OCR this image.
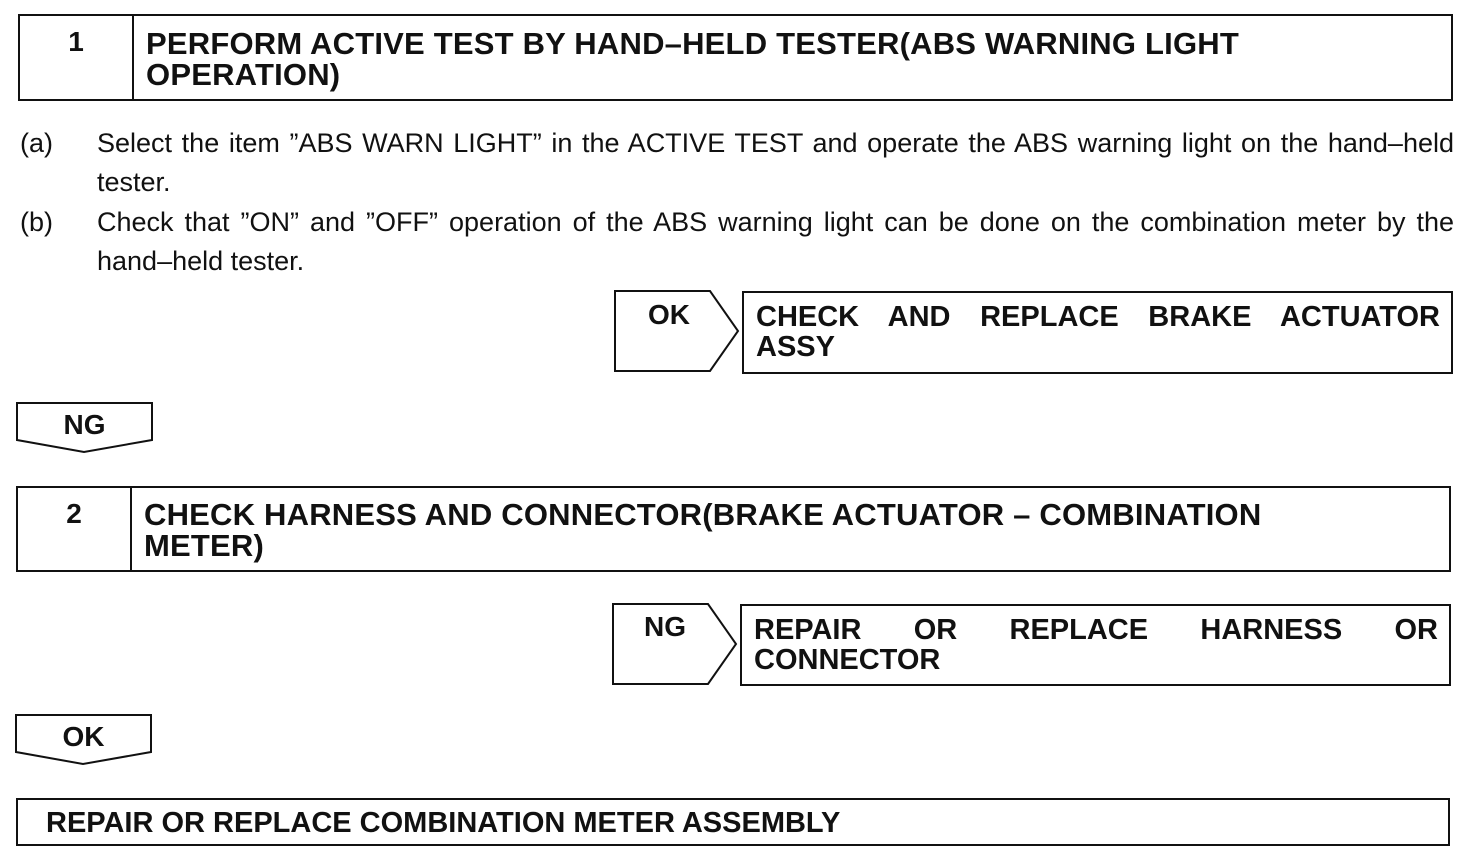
1	PERFORM ACTIVE TEST BY HAND–HELD TESTER(ABS WARNING LIGHT
OPERATION)
(a) Select the item ”ABS WARN LIGHT” in the ACTIVE TEST and operate the ABS warning light on the hand–held tester.
(b) Check that ”ON” and ”OFF” operation of the ABS warning light can be done on the combination meter by the hand–held tester.
OK CHECK AND REPLACE BRAKE ACTUATOR
ASSY
NG
2	CHECK HARNESS AND CONNECTOR(BRAKE ACTUATOR – COMBINATION
METER)
NG REPAIR OR REPLACE HARNESS OR
CONNECTOR
OK
REPAIR OR REPLACE COMBINATION METER ASSEMBLY
